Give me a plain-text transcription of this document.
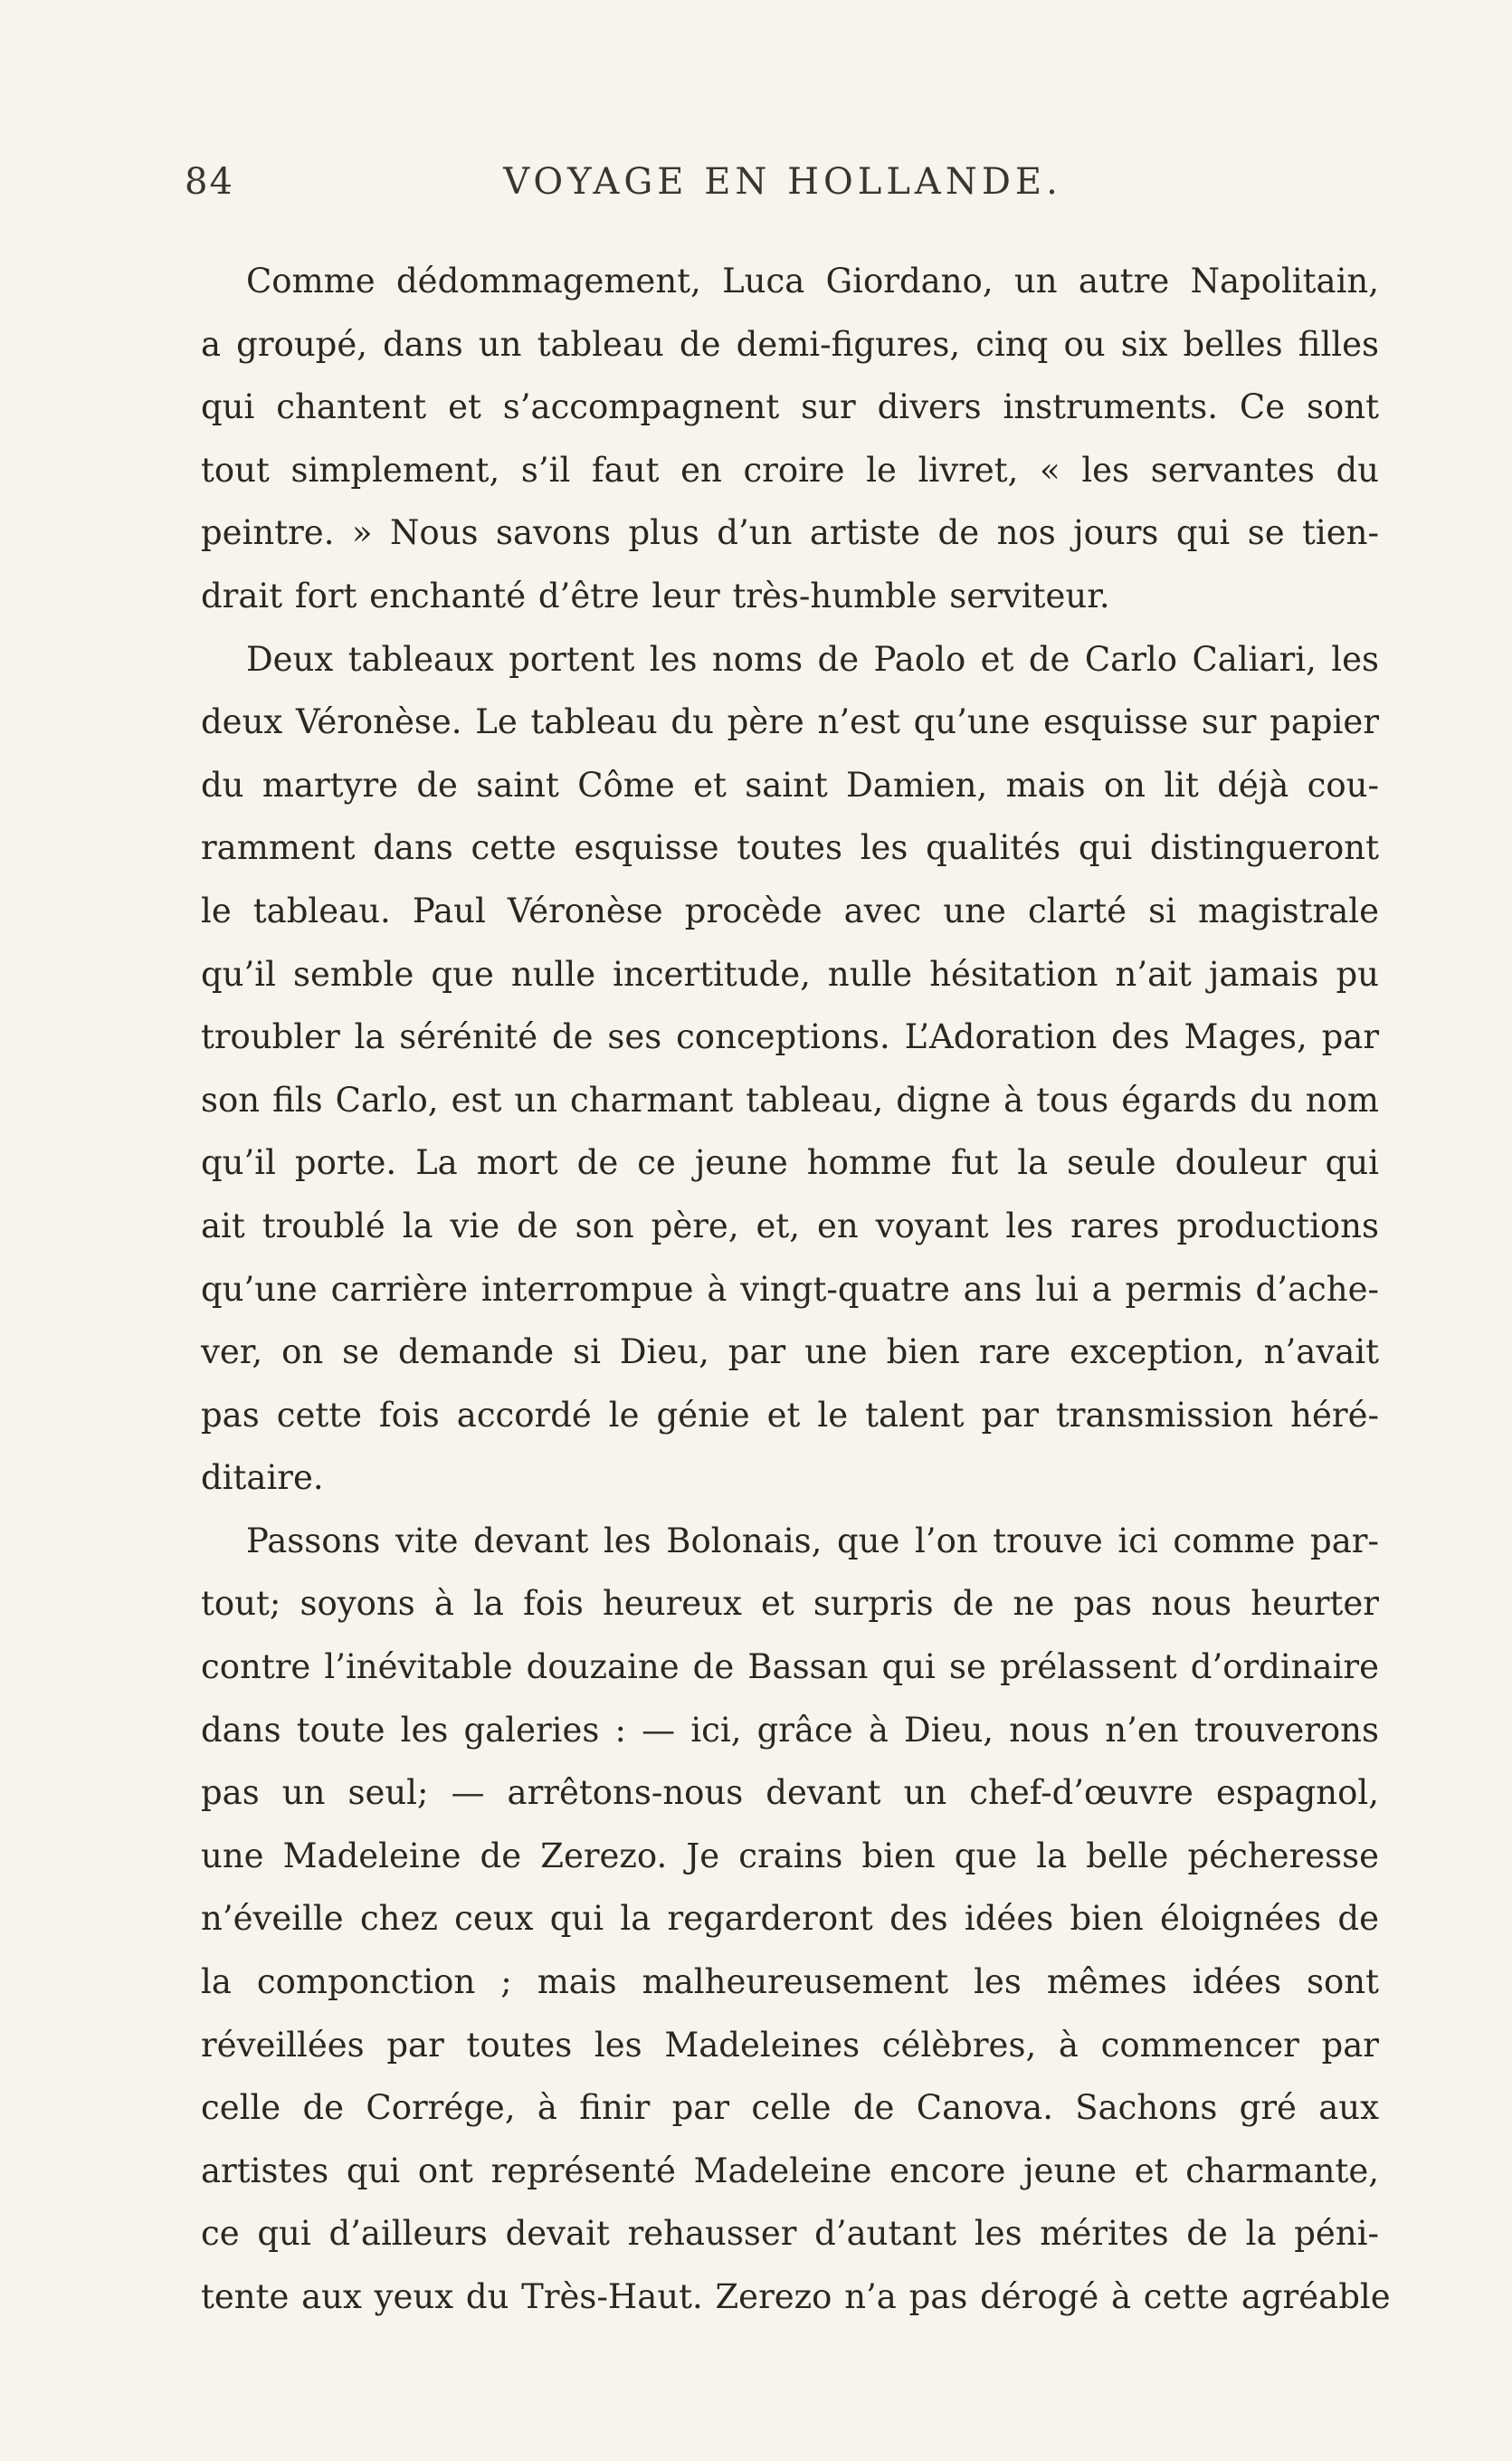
84	VOYAGE EN HOLLANDE.
Comme dédommagement, Luca Giordano, un autre Napolitain,
a groupé, dans un tableau de demi-figures, cinq ou six belles filles
qui chantent et s’accompagnent sur divers instruments. Ce sont
tout simplement, s’il faut en croire le livret, « les servantes du
peintre. » Nous savons plus d’un artiste de nos jours qui se tien-
drait fort enchanté d’être leur très-humble serviteur.
Deux tableaux portent les noms de Paolo et de Carlo Caliari, les
deux Véronèse. Le tableau du père n’est qu’une esquisse sur papier
du martyre de saint Côme et saint Damien, mais on lit déjà cou-
ramment dans cette esquisse toutes les qualités qui distingueront
le tableau. Paul Véronèse procède avec une clarté si magistrale
qu’il semble que nulle incertitude, nulle hésitation n’ait jamais pu
troubler la sérénité de ses conceptions. L’Adoration des Mages, par
son fils Carlo, est un charmant tableau, digne à tous égards du nom
qu’il porte. La mort de ce jeune homme fut la seule douleur qui
ait troublé la vie de son père, et, en voyant les rares productions
qu’une carrière interrompue à vingt-quatre ans lui a permis d’ache-
ver, on se demande si Dieu, par une bien rare exception, n’avait
pas cette fois accordé le génie et le talent par transmission héré-
ditaire.
Passons vite devant les Bolonais, que l’on trouve ici comme par-
tout; soyons à la fois heureux et surpris de ne pas nous heurter
contre l’inévitable douzaine de Bassan qui se prélassent d’ordinaire
dans toute les galeries : — ici, grâce à Dieu, nous n’en trouverons
pas un seul; — arrêtons-nous devant un chef-d’œuvre espagnol,
une Madeleine de Zerezo. Je crains bien que la belle pécheresse
n’éveille chez ceux qui la regarderont des idées bien éloignées de
la componction ; mais malheureusement les mêmes idées sont
réveillées par toutes les Madeleines célèbres, à commencer par
celle de Corrége, à finir par celle de Canova. Sachons gré aux
artistes qui ont représenté Madeleine encore jeune et charmante,
ce qui d’ailleurs devait rehausser d’autant les mérites de la péni-
tente aux yeux du Très-Haut. Zerezo n’a pas dérogé à cette agréable
